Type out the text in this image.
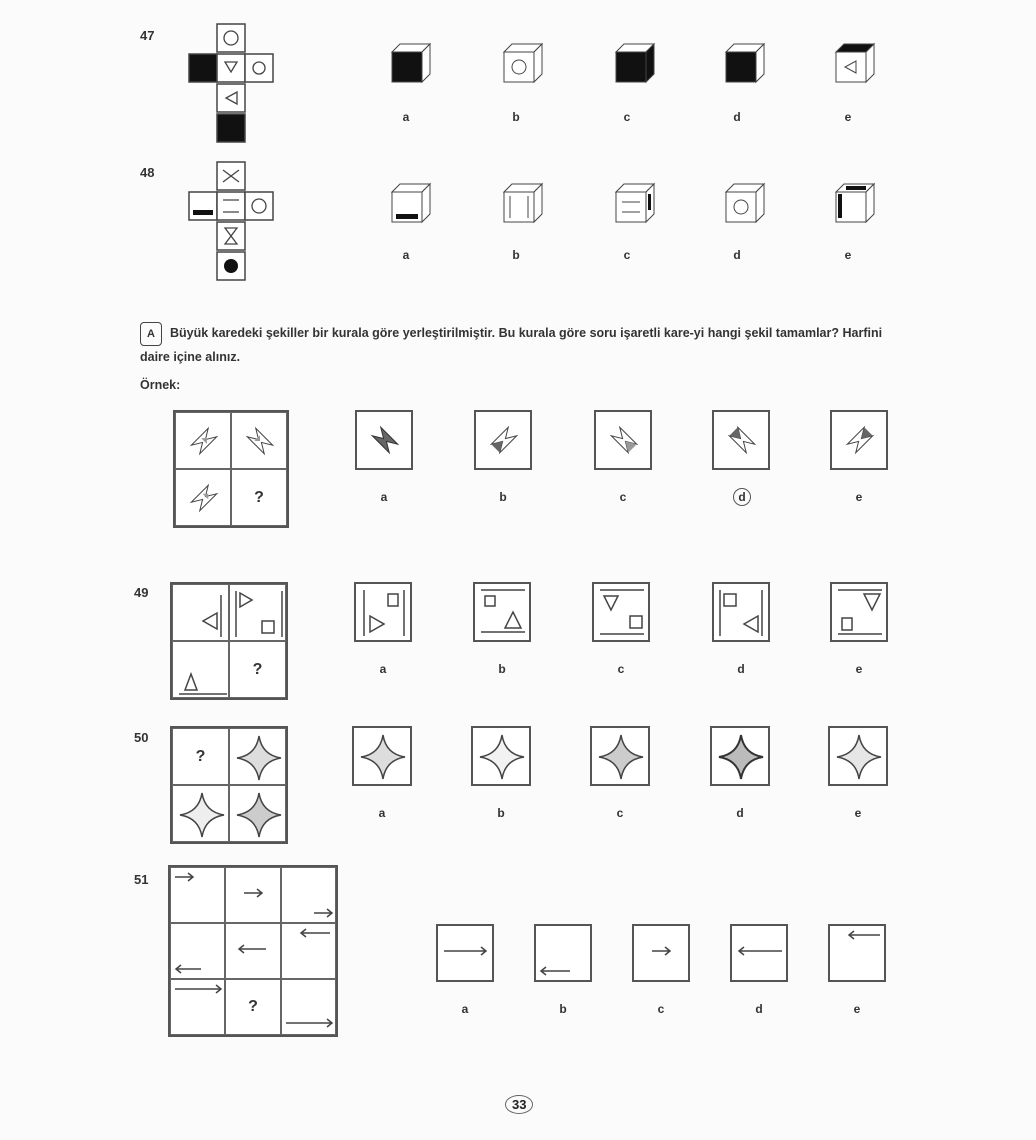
47
a	b	c	d	e
48
a	b	c	d	e
A Büyük karedeki şekiller bir kurala göre yerleştirilmiştir. Bu kurala göre soru işaretli kare-yi hangi şekil tamamlar? Harfini daire içine alınız.
Örnek:
?	a	b	c	d	e
49
?	a	b	c	d	e
50
?
a	b	c	d	e
51
?	a	b	c	d	e
33
